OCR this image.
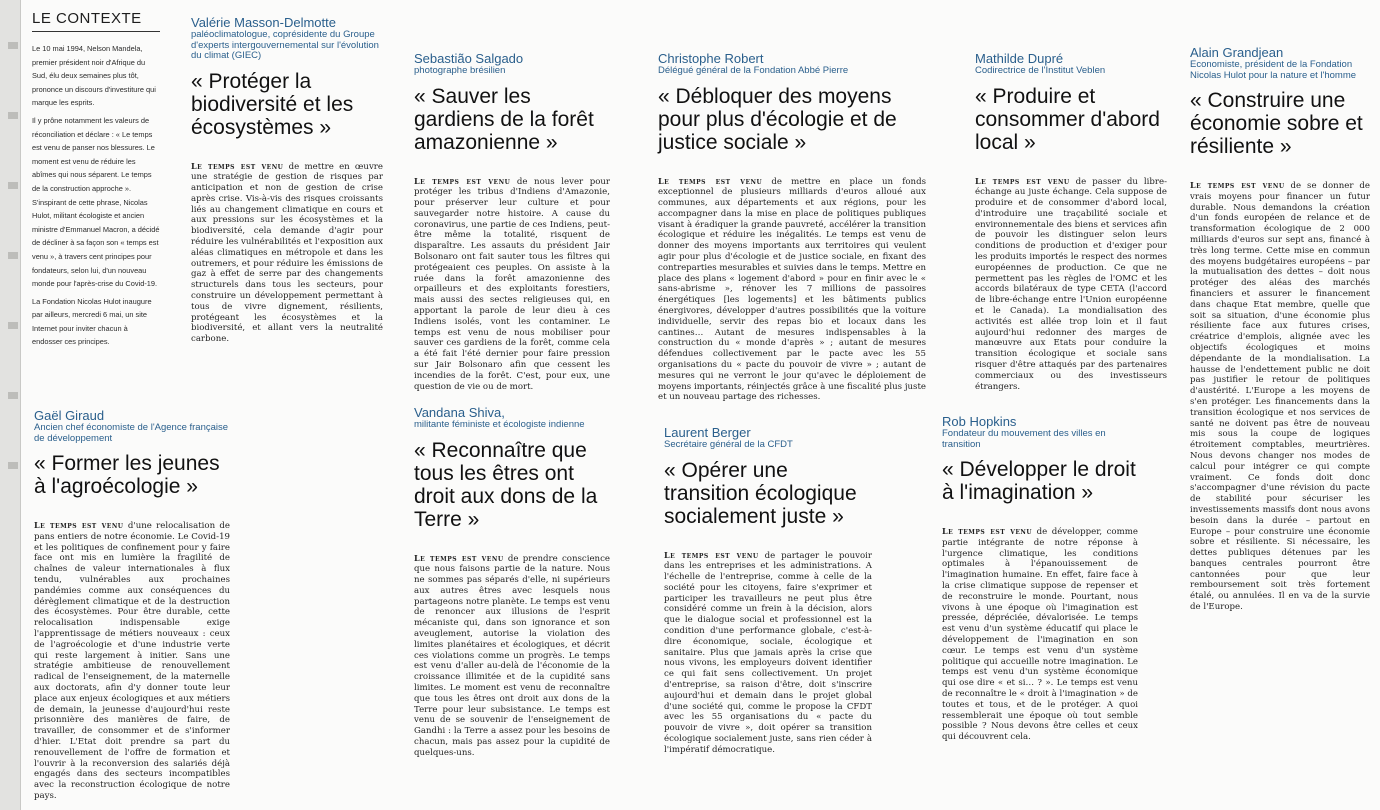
LE CONTEXTE

Le 10 mai 1994, Nelson Mandela, premier président noir d'Afrique du Sud, élu deux semaines plus tôt, prononce un discours d'investiture qui marque les esprits.

Il y prône notamment les valeurs de réconciliation et déclare : « Le temps est venu de panser nos blessures. Le moment est venu de réduire les abîmes qui nous séparent. Le temps de la construction approche ». S'inspirant de cette phrase, Nicolas Hulot, militant écologiste et ancien ministre d'Emmanuel Macron, a décidé de décliner à sa façon son « temps est venu », à travers cent principes pour fondateurs, selon lui, d'un nouveau monde pour l'après-crise du Covid-19.

La Fondation Nicolas Hulot inaugure par ailleurs, mercredi 6 mai, un site Internet pour inviter chacun à endosser ces principes.

Valérie Masson-Delmotte
paléoclimatologue, coprésidente du Groupe d'experts intergouvernemental sur l'évolution du climat (GIEC)
« Protéger la biodiversité et les écosystèmes »

Le temps est venu de mettre en œuvre une stratégie de gestion de risques par anticipation et non de gestion de crise après crise. Vis-à-vis des risques croissants liés au changement climatique en cours et aux pressions sur les écosystèmes et la biodiversité, cela demande d'agir pour réduire les vulnérabilités et l'exposition aux aléas climatiques en métropole et dans les outremers, et pour réduire les émissions de gaz à effet de serre par des changements structurels dans tous les secteurs, pour construire un développement permettant à tous de vivre dignement, résilients, protégeant les écosystèmes et la biodiversité, et allant vers la neutralité carbone.

Sebastião Salgado
photographe brésilien
« Sauver les gardiens de la forêt amazonienne »

Le temps est venu de nous lever pour protéger les tribus d'Indiens d'Amazonie, pour préserver leur culture et pour sauvegarder notre histoire. A cause du coronavirus, une partie de ces Indiens, peut-être même la totalité, risquent de disparaître. Les assauts du président Jair Bolsonaro ont fait sauter tous les filtres qui protégeaient ces peuples. On assiste à la ruée dans la forêt amazonienne des orpailleurs et des exploitants forestiers, mais aussi des sectes religieuses qui, en apportant la parole de leur dieu à ces Indiens isolés, vont les contaminer. Le temps est venu de nous mobiliser pour sauver ces gardiens de la forêt, comme cela a été fait l'été dernier pour faire pression sur Jair Bolsonaro afin que cessent les incendies de la forêt. C'est, pour eux, une question de vie ou de mort.

Christophe Robert
Délégué général de la Fondation Abbé Pierre
« Débloquer des moyens pour plus d'écologie et de justice sociale »

Le temps est venu de mettre en place un fonds exceptionnel de plusieurs milliards d'euros alloué aux communes, aux départements et aux régions, pour les accompagner dans la mise en place de politiques publiques visant à éradiquer la grande pauvreté, accélérer la transition écologique et réduire les inégalités. Le temps est venu de donner des moyens importants aux territoires qui veulent agir pour plus d'écologie et de justice sociale, en fixant des contreparties mesurables et suivies dans le temps. Mettre en place des plans « logement d'abord » pour en finir avec le « sans-abrisme », rénover les 7 millions de passoires énergétiques [les logements] et les bâtiments publics énergivores, développer d'autres possibilités que la voiture individuelle, servir des repas bio et locaux dans les cantines… Autant de mesures indispensables à la construction du « monde d'après » ; autant de mesures défendues collectivement par le pacte avec les 55 organisations du « pacte du pouvoir de vivre » ; autant de mesures qui ne verront le jour qu'avec le déploiement de moyens importants, réinjectés grâce à une fiscalité plus juste et un nouveau partage des richesses.

Mathilde Dupré
Codirectrice de l'Institut Veblen
« Produire et consommer d'abord local »

Le temps est venu de passer du libre-échange au juste échange. Cela suppose de produire et de consommer d'abord local, d'introduire une traçabilité sociale et environnementale des biens et services afin de pouvoir les distinguer selon leurs conditions de production et d'exiger pour les produits importés le respect des normes européennes de production. Ce que ne permettent pas les règles de l'OMC et les accords bilatéraux de type CETA (l'accord de libre-échange entre l'Union européenne et le Canada). La mondialisation des activités est allée trop loin et il faut aujourd'hui redonner des marges de manœuvre aux Etats pour conduire la transition écologique et sociale sans risquer d'être attaqués par des partenaires commerciaux ou des investisseurs étrangers.

Alain Grandjean
Economiste, président de la Fondation Nicolas Hulot pour la nature et l'homme
« Construire une économie sobre et résiliente »

Le temps est venu de se donner de vrais moyens pour financer un futur durable. Nous demandons la création d'un fonds européen de relance et de transformation écologique de 2 000 milliards d'euros sur sept ans, financé à très long terme. Cette mise en commun des moyens budgétaires européens – par la mutualisation des dettes – doit nous protéger des aléas des marchés financiers et assurer le financement dans chaque Etat membre, quelle que soit sa situation, d'une économie plus résiliente face aux futures crises, créatrice d'emplois, alignée avec les objectifs écologiques et moins dépendante de la mondialisation. La hausse de l'endettement public ne doit pas justifier le retour de politiques d'austérité. L'Europe a les moyens de s'en protéger. Les financements dans la transition écologique et nos services de santé ne doivent pas être de nouveau mis sous la coupe de logiques étroitement comptables, meurtrières. Nous devons changer nos modes de calcul pour intégrer ce qui compte vraiment. Ce fonds doit donc s'accompagner d'une révision du pacte de stabilité pour sécuriser les investissements massifs dont nous avons besoin dans la durée – partout en Europe – pour construire une économie sobre et résiliente. Si nécessaire, les dettes publiques détenues par les banques centrales pourront être cantonnées pour que leur remboursement soit très fortement étalé, ou annulées. Il en va de la survie de l'Europe.

Gaël Giraud
Ancien chef économiste de l'Agence française de développement
« Former les jeunes à l'agroécologie »

Le temps est venu d'une relocalisation de pans entiers de notre économie. Le Covid-19 et les politiques de confinement pour y faire face ont mis en lumière la fragilité de chaînes de valeur internationales à flux tendu, vulnérables aux prochaines pandémies comme aux conséquences du dérèglement climatique et de la destruction des écosystèmes. Pour être durable, cette relocalisation indispensable exige l'apprentissage de métiers nouveaux : ceux de l'agroécologie et d'une industrie verte qui reste largement à initier. Sans une stratégie ambitieuse de renouvellement radical de l'enseignement, de la maternelle aux doctorats, afin d'y donner toute leur place aux enjeux écologiques et aux métiers de demain, la jeunesse d'aujourd'hui reste prisonnière des manières de faire, de travailler, de consommer et de s'informer d'hier. L'Etat doit prendre sa part du renouvellement de l'offre de formation et l'ouvrir à la reconversion des salariés déjà engagés dans des secteurs incompatibles avec la reconstruction écologique de notre pays.

Vandana Shiva,
militante féministe et écologiste indienne
« Reconnaître que tous les êtres ont droit aux dons de la Terre »

Le temps est venu de prendre conscience que nous faisons partie de la nature. Nous ne sommes pas séparés d'elle, ni supérieurs aux autres êtres avec lesquels nous partageons notre planète. Le temps est venu de renoncer aux illusions de l'esprit mécaniste qui, dans son ignorance et son aveuglement, autorise la violation des limites planétaires et écologiques, et décrit ces violations comme un progrès. Le temps est venu d'aller au-delà de l'économie de la croissance illimitée et de la cupidité sans limites. Le moment est venu de reconnaître que tous les êtres ont droit aux dons de la Terre pour leur subsistance. Le temps est venu de se souvenir de l'enseignement de Gandhi : la Terre a assez pour les besoins de chacun, mais pas assez pour la cupidité de quelques-uns.

Laurent Berger
Secrétaire général de la CFDT
« Opérer une transition écologique socialement juste »

Le temps est venu de partager le pouvoir dans les entreprises et les administrations. A l'échelle de l'entreprise, comme à celle de la société pour les citoyens, faire s'exprimer et participer les travailleurs ne peut plus être considéré comme un frein à la décision, alors que le dialogue social et professionnel est la condition d'une performance globale, c'est-à-dire économique, sociale, écologique et sanitaire. Plus que jamais après la crise que nous vivons, les employeurs doivent identifier ce qui fait sens collectivement. Un projet d'entreprise, sa raison d'être, doit s'inscrire aujourd'hui et demain dans le projet global d'une société qui, comme le propose la CFDT avec les 55 organisations du « pacte du pouvoir de vivre », doit opérer sa transition écologique socialement juste, sans rien céder à l'impératif démocratique.

Rob Hopkins
Fondateur du mouvement des villes en transition
« Développer le droit à l'imagination »

Le temps est venu de développer, comme partie intégrante de notre réponse à l'urgence climatique, les conditions optimales à l'épanouissement de l'imagination humaine. En effet, faire face à la crise climatique suppose de repenser et de reconstruire le monde. Pourtant, nous vivons à une époque où l'imagination est pressée, dépréciée, dévalorisée. Le temps est venu d'un système éducatif qui place le développement de l'imagination en son cœur. Le temps est venu d'un système politique qui accueille notre imagination. Le temps est venu d'un système économique qui ose dire « et si… ? ». Le temps est venu de reconnaître le « droit à l'imagination » de toutes et tous, et de le protéger. A quoi ressemblerait une époque où tout semble possible ? Nous devons être celles et ceux qui découvrent cela.
